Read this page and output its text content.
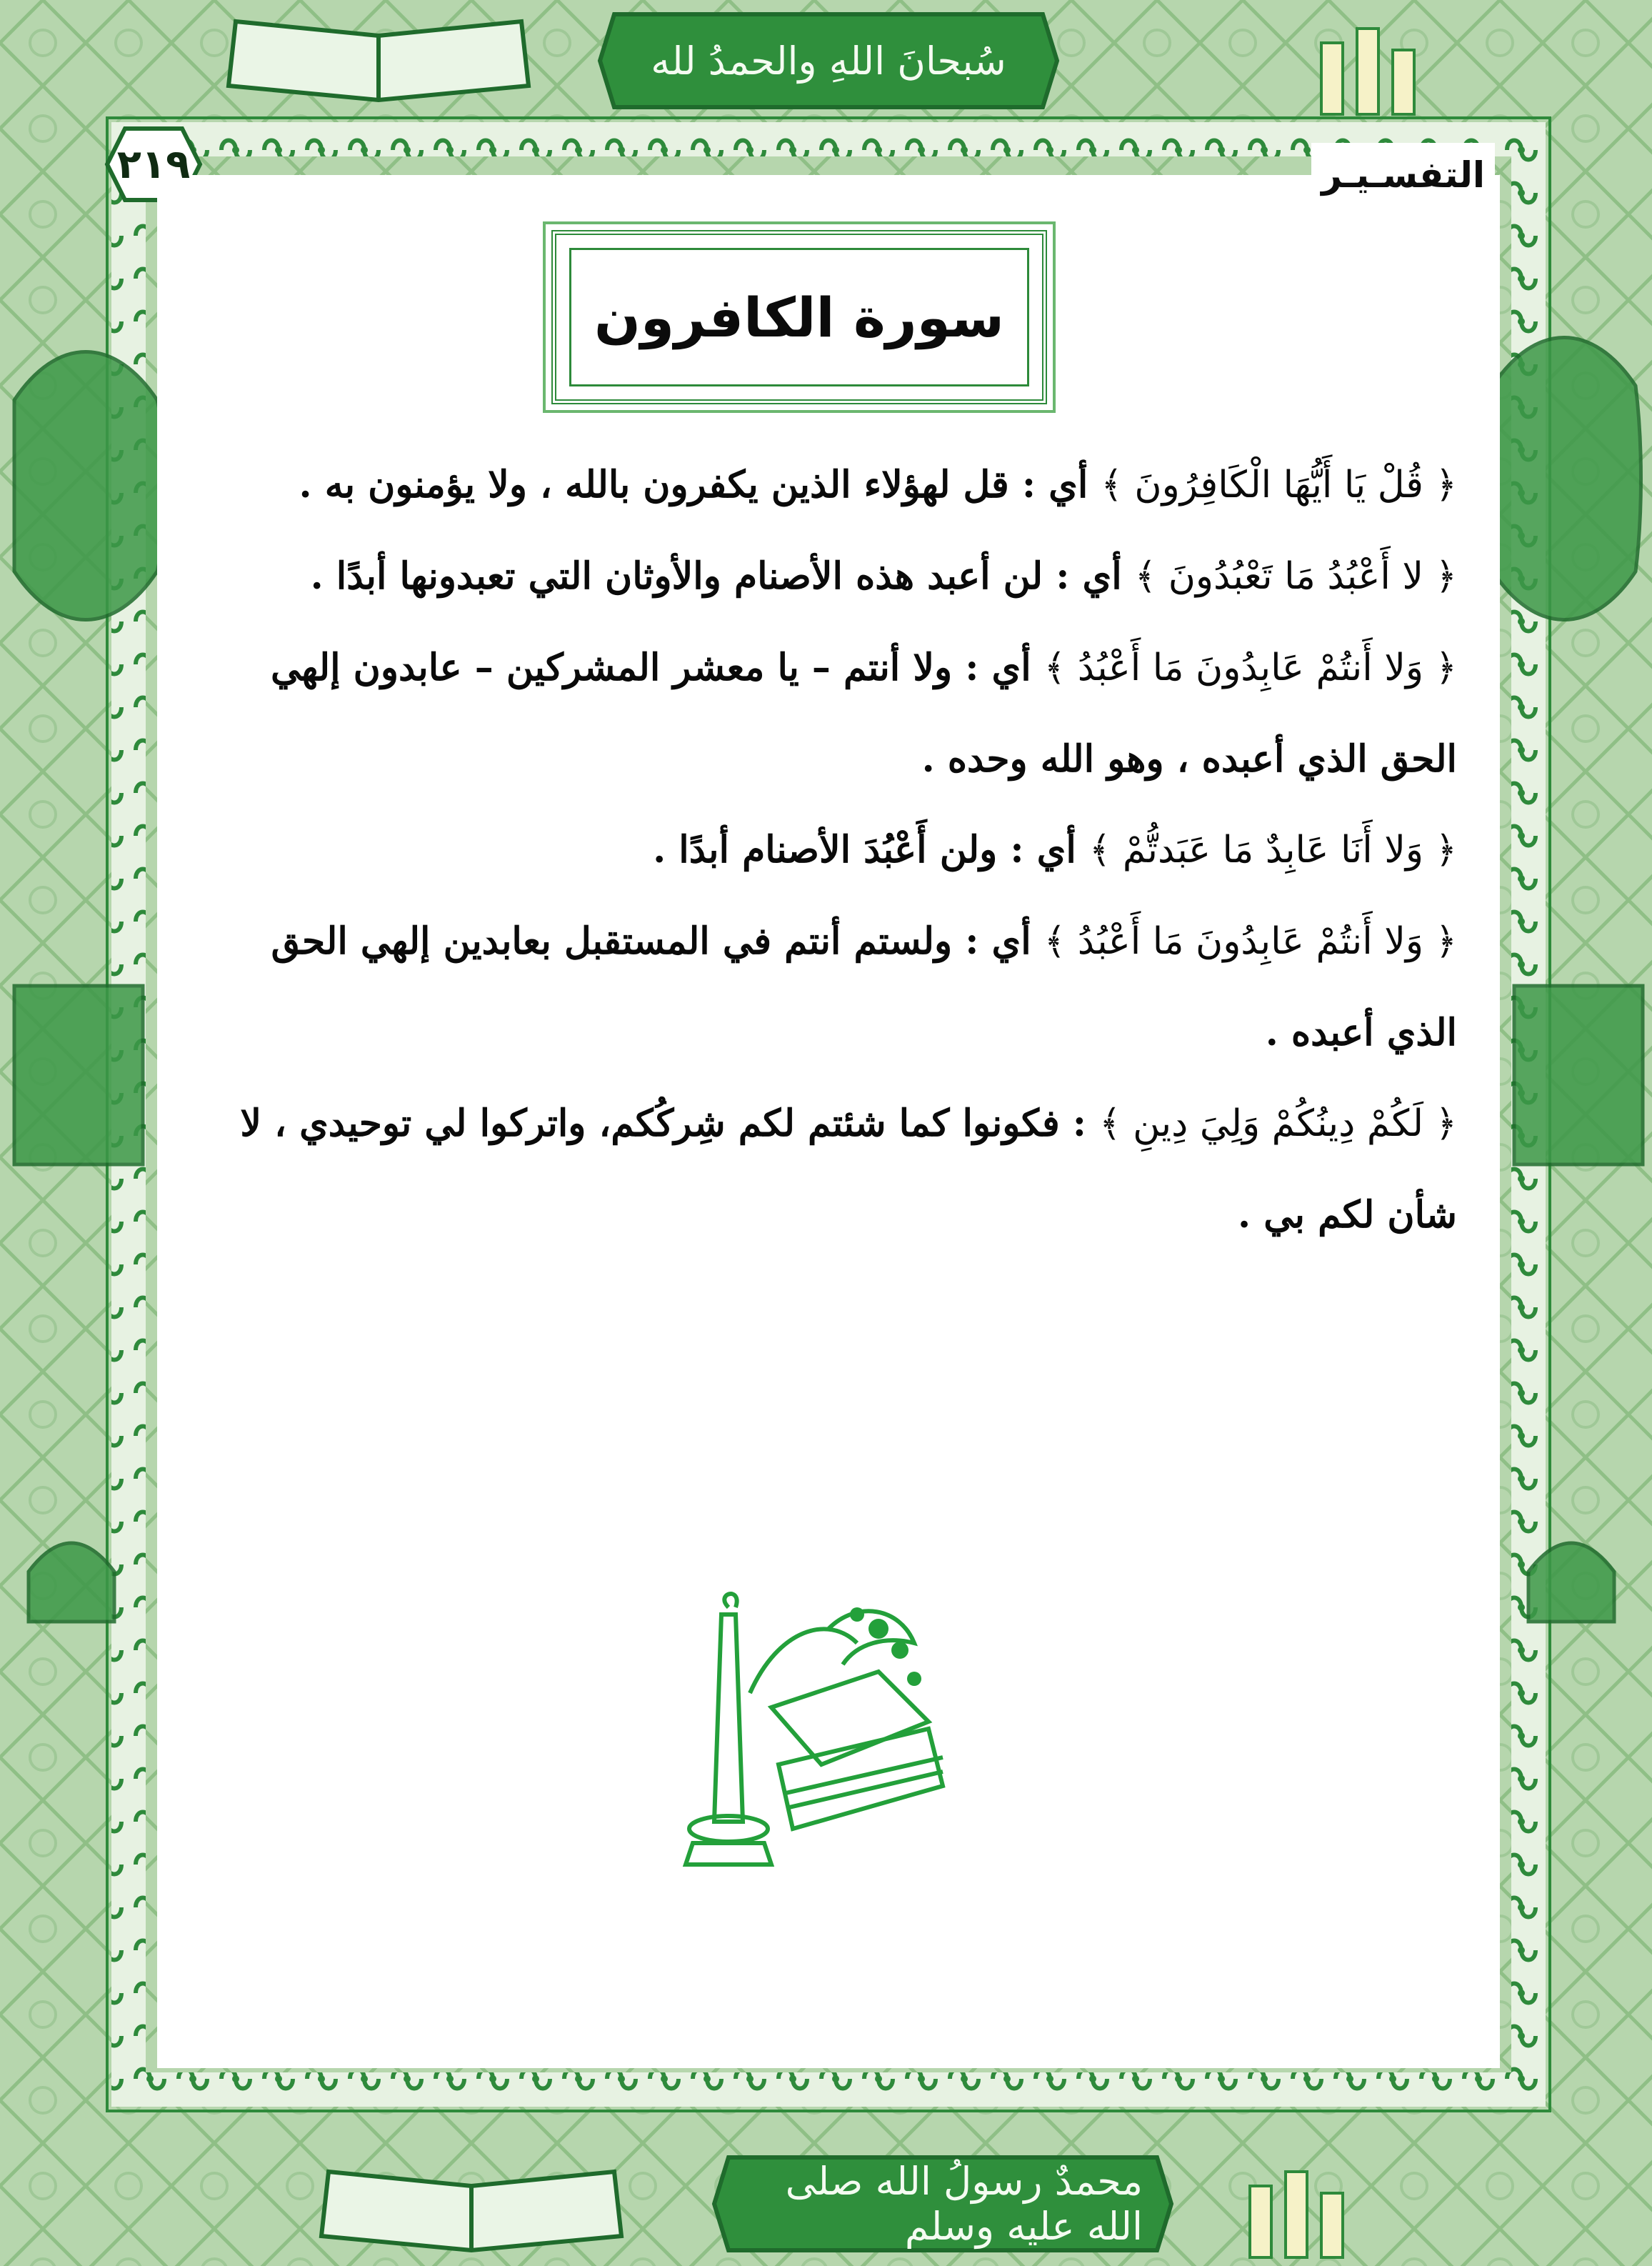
سُبحانَ اللهِ والحمدُ لله
٢١٩	التفسـيـر
سورة الكافرون

﴿ قُلْ يَا أَيُّهَا الْكَافِرُونَ ﴾ أي : قل لهؤلاء الذين يكفرون بالله ، ولا يؤمنون به .

﴿ لا أَعْبُدُ مَا تَعْبُدُونَ ﴾ أي : لن أعبد هذه الأصنام والأوثان التي تعبدونها أبدًا .

﴿ وَلا أَنتُمْ عَابِدُونَ مَا أَعْبُدُ ﴾ أي : ولا أنتم – يا معشر المشركين – عابدون إلهي الحق الذي أعبده ، وهو الله وحده .

﴿ وَلا أَنَا عَابِدٌ مَا عَبَدتُّمْ ﴾ أي : ولن أَعْبُدَ الأصنام أبدًا .

﴿ وَلا أَنتُمْ عَابِدُونَ مَا أَعْبُدُ ﴾ أي : ولستم أنتم في المستقبل بعابدين إلهي الحق الذي أعبده .

﴿ لَكُمْ دِينُكُمْ وَلِيَ دِينِ ﴾ : فكونوا كما شئتم لكم شِركُكم، واتركوا لي توحيدي ، لا شأن لكم بي .

محمدٌ رسولُ الله صلى الله عليه وسلم
